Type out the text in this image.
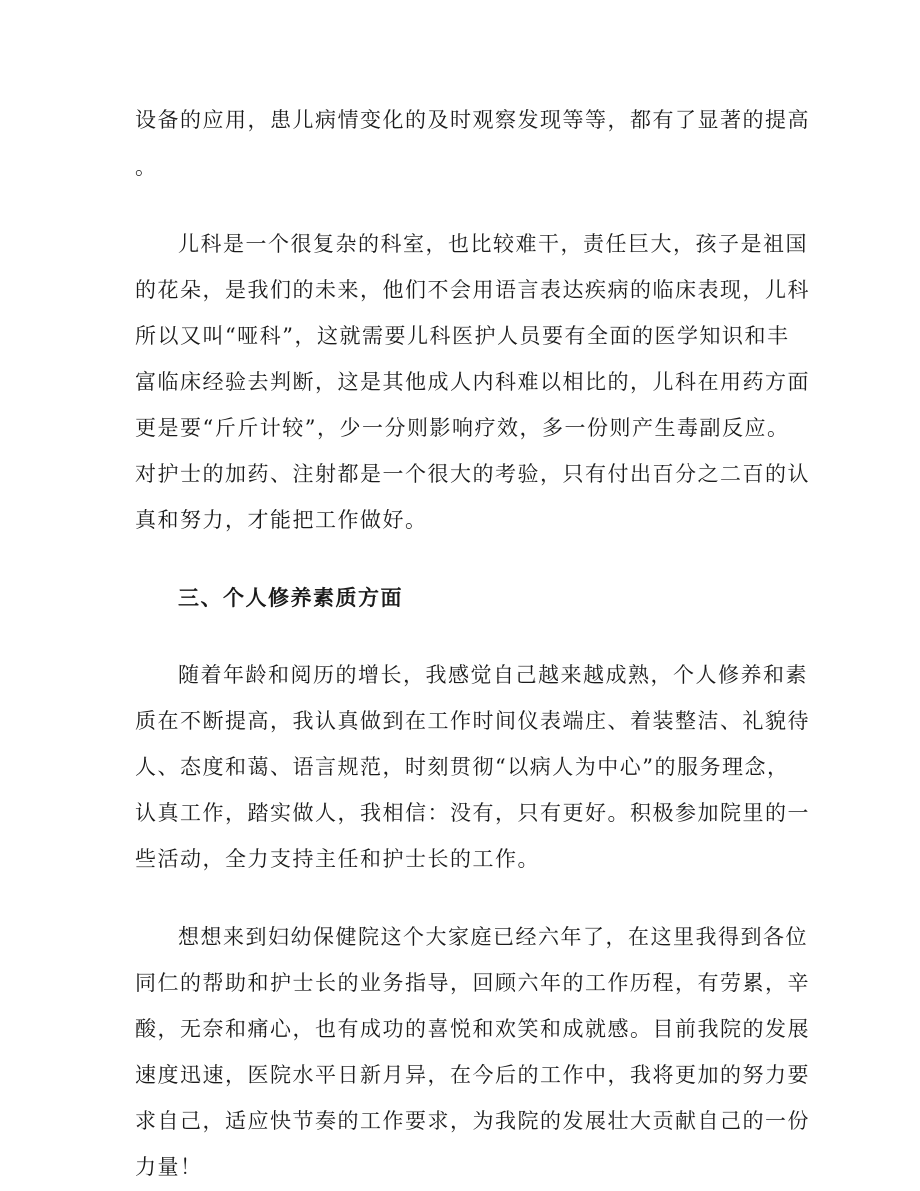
设备的应用，患儿病情变化的及时观察发现等等，都有了显著的提高
。
儿科是一个很复杂的科室，也比较难干，责任巨大，孩子是祖国
的花朵，是我们的未来，他们不会用语言表达疾病的临床表现，儿科
所以又叫“哑科”，这就需要儿科医护人员要有全面的医学知识和丰
富临床经验去判断，这是其他成人内科难以相比的，儿科在用药方面
更是要“斤斤计较”，少一分则影响疗效，多一份则产生毒副反应。
对护士的加药、注射都是一个很大的考验，只有付出百分之二百的认
真和努力，才能把工作做好。
三、个人修养素质方面
随着年龄和阅历的增长，我感觉自己越来越成熟，个人修养和素
质在不断提高，我认真做到在工作时间仪表端庄、着装整洁、礼貌待
人、态度和蔼、语言规范，时刻贯彻“以病人为中心”的服务理念，
认真工作，踏实做人，我相信：没有，只有更好。积极参加院里的一
些活动，全力支持主任和护士长的工作。
想想来到妇幼保健院这个大家庭已经六年了，在这里我得到各位
同仁的帮助和护士长的业务指导，回顾六年的工作历程，有劳累，辛
酸，无奈和痛心，也有成功的喜悦和欢笑和成就感。目前我院的发展
速度迅速，医院水平日新月异，在今后的工作中，我将更加的努力要
求自己，适应快节奏的工作要求，为我院的发展壮大贡献自己的一份
力量！
